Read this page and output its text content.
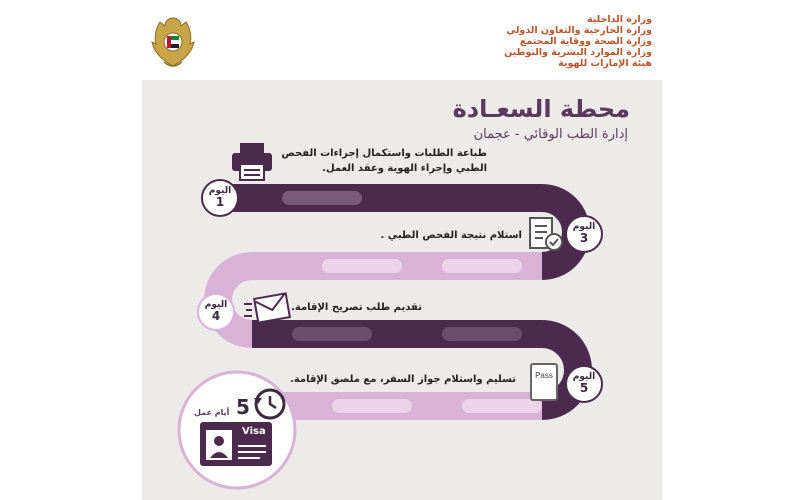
وزارة الداخلية
وزارة الخارجية والتعاون الدولي
وزارة الصحة ووقاية المجتمع
وزارة الموارد البشرية والتوطين
هيئة الإمارات للهوية
محطة السعـادة
إدارة الطب الوقائي - عجمان
اليوم
1
اليوم
3
اليوم
4
اليوم
5
طباعة الطلبات واستكمال إجراءات الفحص
الطبي وإجراء الهوية وعقد العمل.
استلام نتيجة الفحص الطبي .
تقديم طلب تصريح الإقامة.
تسليم واستلام جواز السفر، مع ملصق الإقامة. Pass
5
أيام عمل
Visa
